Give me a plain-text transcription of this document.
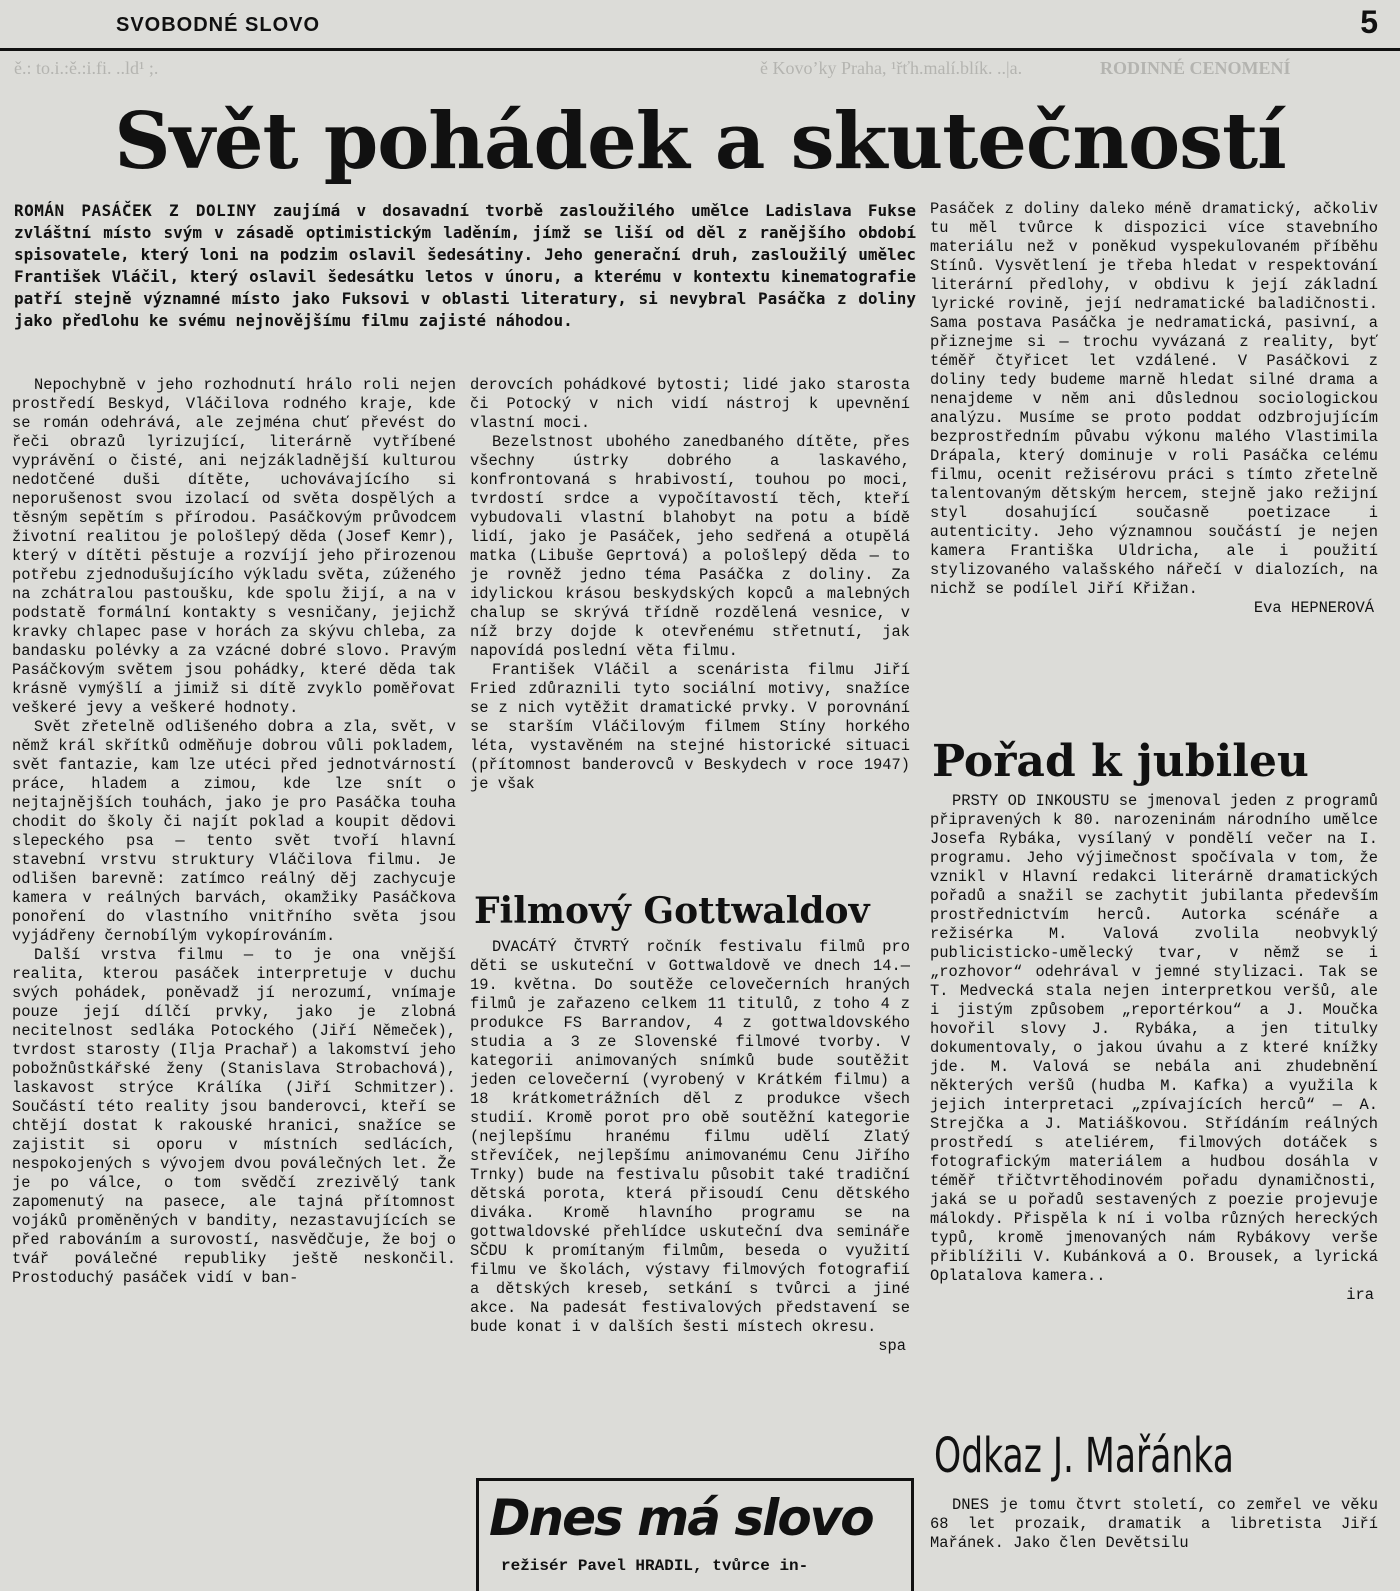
SVOBODNÉ SLOVO	5
ě.: to.i.:ě.:i.fi. ..ld¹ ;.	ě Kovo’ky Praha, ¹řťh.malí.blík. ..|a.	RODINNÉ CENOMENÍ
Svět pohádek a skutečností
ROMÁN PASÁČEK Z DOLINY zaujímá v dosavadní tvorbě zasloužilého umělce Ladislava Fukse zvláštní místo svým v zásadě optimistickým laděním, jímž se liší od děl z ranějšího období spisovatele, který loni na podzim oslavil šedesátiny. Jeho generační druh, zasloužilý umělec František Vláčil, který oslavil šedesátku letos v únoru, a kterému v kontextu kinematografie patří stejně významné místo jako Fuksovi v oblasti literatury, si nevybral Pasáčka z doliny jako předlohu ke svému nejnovějšímu filmu zajisté náhodou.

Nepochybně v jeho rozhodnutí hrálo roli nejen prostředí Beskyd, Vláčilova rodného kraje, kde se román odehrává, ale zejména chuť převést do řeči obrazů lyrizující, literárně vytříbené vyprávění o čisté, ani nejzákladnější kulturou nedotčené duši dítěte, uchovávajícího si neporušenost svou izolací od světa dospělých a těsným sepětím s přírodou. Pasáčkovým průvodcem životní realitou je pološlepý děda (Josef Kemr), který v dítěti pěstuje a rozvíjí jeho přirozenou potřebu zjednodušujícího výkladu světa, zúženého na zchátralou pastoušku, kde spolu žijí, a na v podstatě formální kontakty s vesničany, jejichž kravky chlapec pase v horách za skývu chleba, za bandasku polévky a za vzácné dobré slovo. Pravým Pasáčkovým světem jsou pohádky, které děda tak krásně vymýšlí a jimiž si dítě zvyklo poměřovat veškeré jevy a veškeré hodnoty.

Svět zřetelně odlišeného dobra a zla, svět, v němž král skřítků odměňuje dobrou vůli pokladem, svět fantazie, kam lze utéci před jednotvárností práce, hladem a zimou, kde lze snít o nejtajnějších touhách, jako je pro Pasáčka touha chodit do školy či najít poklad a koupit dědovi slepeckého psa — tento svět tvoří hlavní stavební vrstvu struktury Vláčilova filmu. Je odlišen barevně: zatímco reálný děj zachycuje kamera v reálných barvách, okamžiky Pasáčkova ponoření do vlastního vnitřního světa jsou vyjádřeny černobílým vykopírováním.

Další vrstva filmu — to je ona vnější realita, kterou pasáček interpretuje v duchu svých pohádek, poněvadž jí nerozumí, vnímaje pouze její dílčí prvky, jako je zlobná necitelnost sedláka Potockého (Jiří Němeček), tvrdost starosty (Ilja Prachař) a lakomství jeho pobožnůstkářské ženy (Stanislava Strobachová), laskavost strýce Králíka (Jiří Schmitzer). Součástí této reality jsou banderovci, kteří se chtějí dostat k rakouské hranici, snažíce se zajistit si oporu v místních sedlácích, nespokojených s vývojem dvou poválečných let. Že je po válce, o tom svědčí zrezivělý tank zapomenutý na pasece, ale tajná přítomnost vojáků proměněných v bandity, nezastavujících se před rabováním a surovostí, nasvědčuje, že boj o tvář poválečné republiky ještě neskončil. Prostoduchý pasáček vidí v ban-

derovcích pohádkové bytosti; lidé jako starosta či Potocký v nich vidí nástroj k upevnění vlastní moci.

Bezelstnost ubohého zanedbaného dítěte, přes všechny ústrky dobrého a laskavého, konfrontovaná s hrabivostí, touhou po moci, tvrdostí srdce a vypočítavostí těch, kteří vybudovali vlastní blahobyt na potu a bídě lidí, jako je Pasáček, jeho sedřená a otupělá matka (Libuše Geprtová) a pološlepý děda — to je rovněž jedno téma Pasáčka z doliny. Za idylickou krásou beskydských kopců a malebných chalup se skrývá třídně rozdělená vesnice, v níž brzy dojde k otevřenému střetnutí, jak napovídá poslední věta filmu.

František Vláčil a scenárista filmu Jiří Fried zdůraznili tyto sociální motivy, snažíce se z nich vytěžit dramatické prvky. V porovnání se starším Vláčilovým filmem Stíny horkého léta, vystavěném na stejné historické situaci (přítomnost banderovců v Beskydech v roce 1947) je však

Pasáček z doliny daleko méně dramatický, ačkoliv tu měl tvůrce k dispozici více stavebního materiálu než v poněkud vyspekulovaném příběhu Stínů. Vysvětlení je třeba hledat v respektování literární předlohy, v obdivu k její základní lyrické rovině, její nedramatické baladičnosti. Sama postava Pasáčka je nedramatická, pasivní, a přiznejme si — trochu vyvázaná z reality, byť téměř čtyřicet let vzdálené. V Pasáčkovi z doliny tedy budeme marně hledat silné drama a nenajdeme v něm ani důslednou sociologickou analýzu. Musíme se proto poddat odzbrojujícím bezprostředním půvabu výkonu malého Vlastimila Drápala, který dominuje v roli Pasáčka celému filmu, ocenit režisérovu práci s tímto zřetelně talentovaným dětským hercem, stejně jako režijní styl dosahující současně poetizace i autenticity. Jeho významnou součástí je nejen kamera Františka Uldricha, ale i použití stylizovaného valašského nářečí v dialozích, na nichž se podílel Jiří Křižan.

Eva HEPNEROVÁ

Filmový Gottwaldov

DVACÁTÝ ČTVRTÝ ročník festivalu filmů pro děti se uskuteční v Gottwaldově ve dnech 14.—19. května. Do soutěže celovečerních hraných filmů je zařazeno celkem 11 titulů, z toho 4 z produkce FS Barrandov, 4 z gottwaldovského studia a 3 ze Slovenské filmové tvorby. V kategorii animovaných snímků bude soutěžit jeden celovečerní (vyrobený v Krátkém filmu) a 18 krátkometrážních děl z produkce všech studií. Kromě porot pro obě soutěžní kategorie (nejlepšímu hranému filmu udělí Zlatý střevíček, nejlepšímu animovanému Cenu Jiřího Trnky) bude na festivalu působit také tradiční dětská porota, která přisoudí Cenu dětského diváka. Kromě hlavního programu se na gottwaldovské přehlídce uskuteční dva semináře SČDU k promítaným filmům, beseda o využití filmu ve školách, výstavy filmových fotografií a dětských kreseb, setkání s tvůrci a jiné akce. Na padesát festivalových představení se bude konat i v dalších šesti místech okresu.

spa

Pořad k jubileu

PRSTY OD INKOUSTU se jmenoval jeden z programů připravených k 80. narozeninám národního umělce Josefa Rybáka, vysílaný v pondělí večer na I. programu. Jeho výjimečnost spočívala v tom, že vznikl v Hlavní redakci literárně dramatických pořadů a snažil se zachytit jubilanta především prostřednictvím herců. Autorka scénáře a režisérka M. Valová zvolila neobvyklý publicisticko-umělecký tvar, v němž se i „rozhovor“ odehrával v jemné stylizaci. Tak se T. Medvecká stala nejen interpretkou veršů, ale i jistým způsobem „reportérkou“ a J. Moučka hovořil slovy J. Rybáka, a jen titulky dokumentovaly, o jakou úvahu a z které knížky jde. M. Valová se nebála ani zhudebnění některých veršů (hudba M. Kafka) a využila k jejich interpretaci „zpívajících herců“ — A. Strejčka a J. Matiáškovou. Střídáním reálných prostředí s ateliérem, filmových dotáček s fotografickým materiálem a hudbou dosáhla v téměř třičtvrtěhodinovém pořadu dynamičnosti, jaká se u pořadů sestavených z poezie projevuje málokdy. Přispěla k ní i volba různých hereckých typů, kromě jmenovaných nám Rybákovy verše přiblížili V. Kubánková a O. Brousek, a lyrická Oplatalova kamera..

ira

Odkaz J. Mařánka

DNES je tomu čtvrt století, co zemřel ve věku 68 let prozaik, dramatik a libretista Jiří Mařánek. Jako člen Devětsilu

Dnes má slovo
režisér Pavel HRADIL, tvůrce in-
